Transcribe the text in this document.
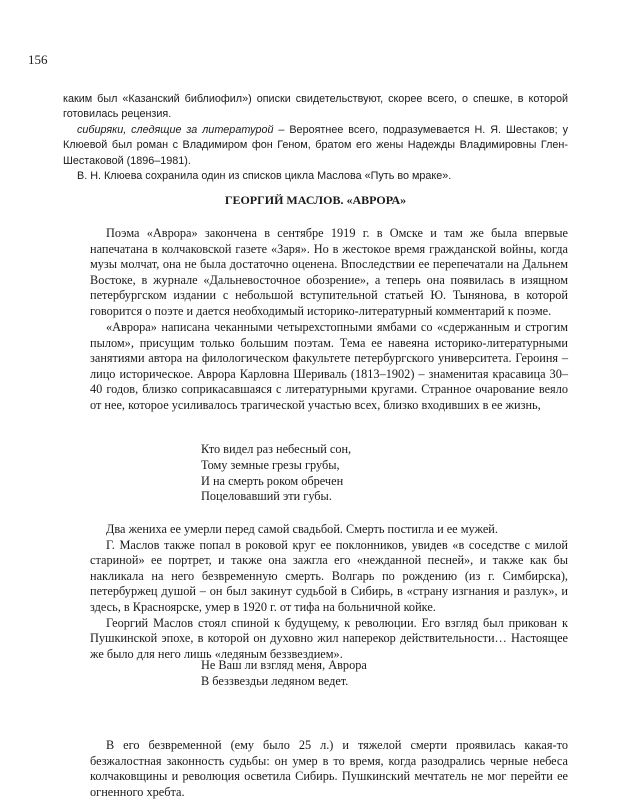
156

каким был «Казанский библиофил») описки свидетельствуют, скорее всего, о спешке, в которой готовилась рецензия.

сибиряки, следящие за литературой – Вероятнее всего, подразумевается Н. Я. Шестаков; у Клюевой был роман с Владимиром фон Геном, братом его жены Надежды Владимировны Глен-Шестаковой (1896–1981).

В. Н. Клюева сохранила один из списков цикла Маслова «Путь во мраке».

ГЕОРГИЙ МАСЛОВ. «АВРОРА»

Поэма «Аврора» закончена в сентябре 1919 г. в Омске и там же была впервые напечатана в колчаковской газете «Заря». Но в жестокое время гражданской войны, когда музы молчат, она не была достаточно оценена. Впоследствии ее перепечатали на Дальнем Востоке, в журнале «Дальневосточное обозрение», а теперь она появилась в изящном петербургском издании с небольшой вступительной статьей Ю. Тынянова, в которой говорится о поэте и дается необходимый историко-литературный комментарий к поэме.

«Аврора» написана чеканными четырехстопными ямбами со «сдержанным и строгим пылом», присущим только большим поэтам. Тема ее навеяна историко-литературными занятиями автора на филологическом факультете петербургского университета. Героиня – лицо историческое. Аврора Карловна Шериваль (1813–1902) – знаменитая красавица 30–40 годов, близко соприкасавшаяся с литературными кругами. Странное очарование веяло от нее, которое усиливалось трагической участью всех, близко входивших в ее жизнь,

Кто видел раз небесный сон,
Тому земные грезы грубы,
И на смерть роком обречен
Поцеловавший эти губы.

Два жениха ее умерли перед самой свадьбой. Смерть постигла и ее мужей.

Г. Маслов также попал в роковой круг ее поклонников, увидев «в соседстве с милой стариной» ее портрет, и также она зажгла его «нежданной песней», и также как бы накликала на него безвременную смерть. Волгарь по рождению (из г. Симбирска), петербуржец душой – он был закинут судьбой в Сибирь, в «страну изгнания и разлук», и здесь, в Красноярске, умер в 1920 г. от тифа на больничной койке.

Георгий Маслов стоял спиной к будущему, к революции. Его взгляд был прикован к Пушкинской эпохе, в которой он духовно жил наперекор действительности… Настоящее же было для него лишь «ледяным беззвездием».

Не Ваш ли взгляд меня, Аврора
В беззвездьи ледяном ведет.

В его безвременной (ему было 25 л.) и тяжелой смерти проявилась какая-то безжалостная законность судьбы: он умер в то время, когда разодрались черные небеса колчаковщины и революция осветила Сибирь. Пушкинский мечтатель не мог перейти ее огненного хребта.
